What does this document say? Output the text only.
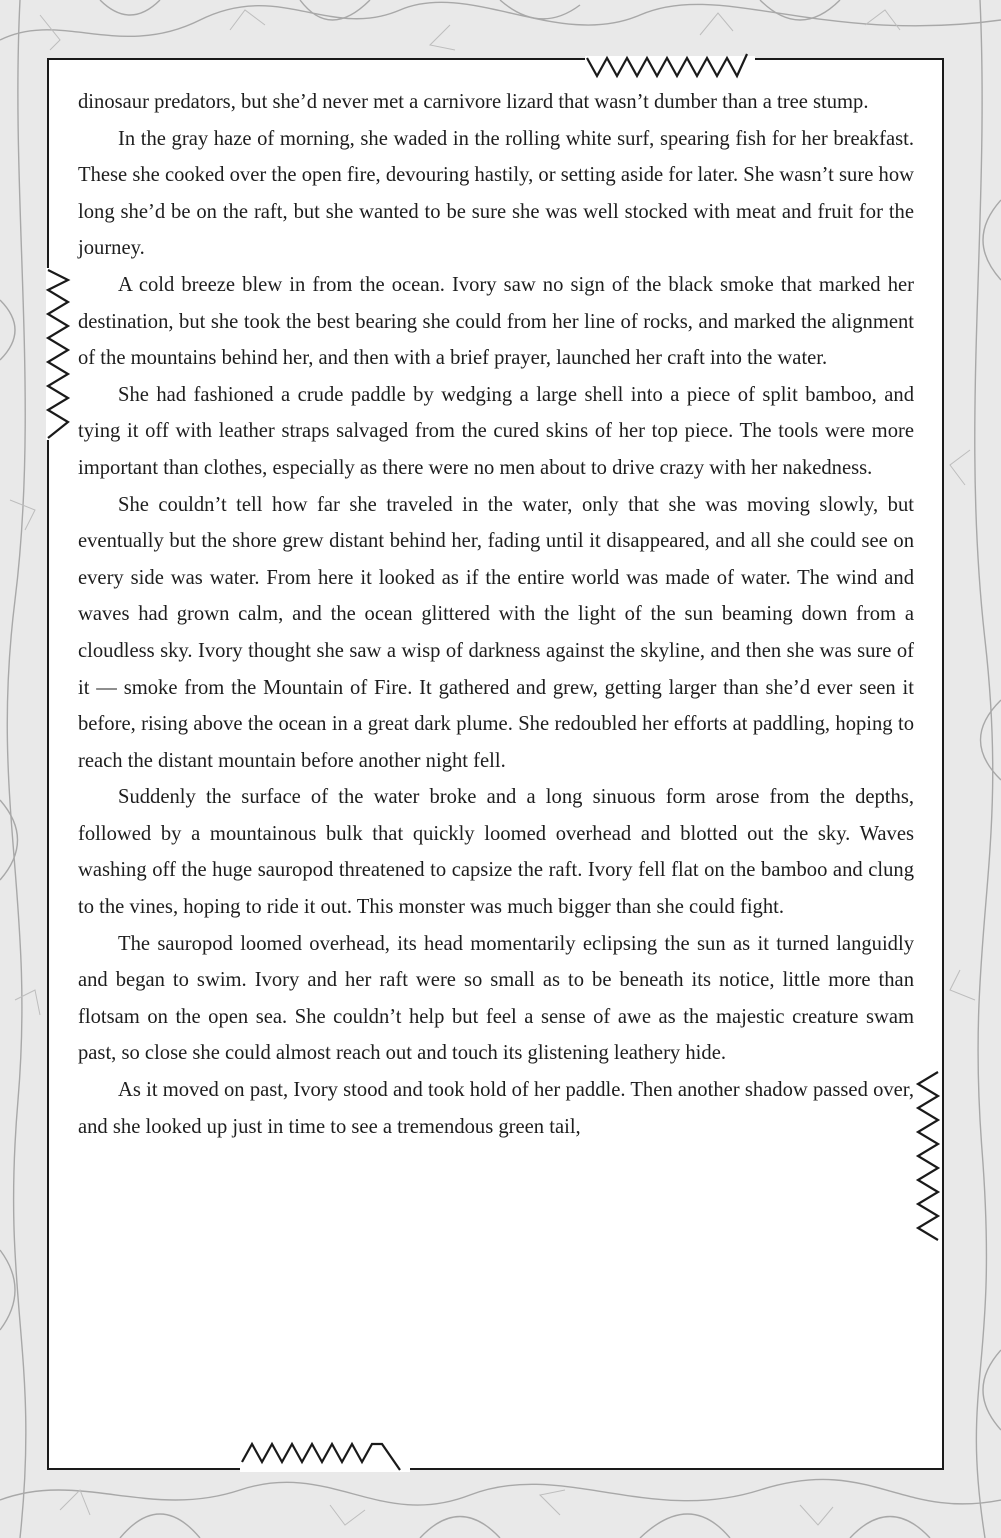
dinosaur predators, but she’d never met a carnivore lizard that wasn’t dumber than a tree stump.

In the gray haze of morning, she waded in the rolling white surf, spearing fish for her breakfast. These she cooked over the open fire, devouring hastily, or setting aside for later. She wasn’t sure how long she’d be on the raft, but she wanted to be sure she was well stocked with meat and fruit for the journey.

A cold breeze blew in from the ocean. Ivory saw no sign of the black smoke that marked her destination, but she took the best bearing she could from her line of rocks, and marked the alignment of the mountains behind her, and then with a brief prayer, launched her craft into the water.

She had fashioned a crude paddle by wedging a large shell into a piece of split bamboo, and tying it off with leather straps salvaged from the cured skins of her top piece. The tools were more important than clothes, especially as there were no men about to drive crazy with her nakedness.

She couldn’t tell how far she traveled in the water, only that she was moving slowly, but eventually but the shore grew distant behind her, fading until it disappeared, and all she could see on every side was water. From here it looked as if the entire world was made of water. The wind and waves had grown calm, and the ocean glittered with the light of the sun beaming down from a cloudless sky. Ivory thought she saw a wisp of darkness against the skyline, and then she was sure of it — smoke from the Mountain of Fire. It gathered and grew, getting larger than she’d ever seen it before, rising above the ocean in a great dark plume. She redoubled her efforts at paddling, hoping to reach the distant mountain before another night fell.

Suddenly the surface of the water broke and a long sinuous form arose from the depths, followed by a mountainous bulk that quickly loomed overhead and blotted out the sky. Waves washing off the huge sauropod threatened to capsize the raft. Ivory fell flat on the bamboo and clung to the vines, hoping to ride it out. This monster was much bigger than she could fight.

The sauropod loomed overhead, its head momentarily eclipsing the sun as it turned languidly and began to swim. Ivory and her raft were so small as to be beneath its notice, little more than flotsam on the open sea. She couldn’t help but feel a sense of awe as the majestic creature swam past, so close she could almost reach out and touch its glistening leathery hide.

As it moved on past, Ivory stood and took hold of her paddle. Then another shadow passed over, and she looked up just in time to see a tremendous green tail,
